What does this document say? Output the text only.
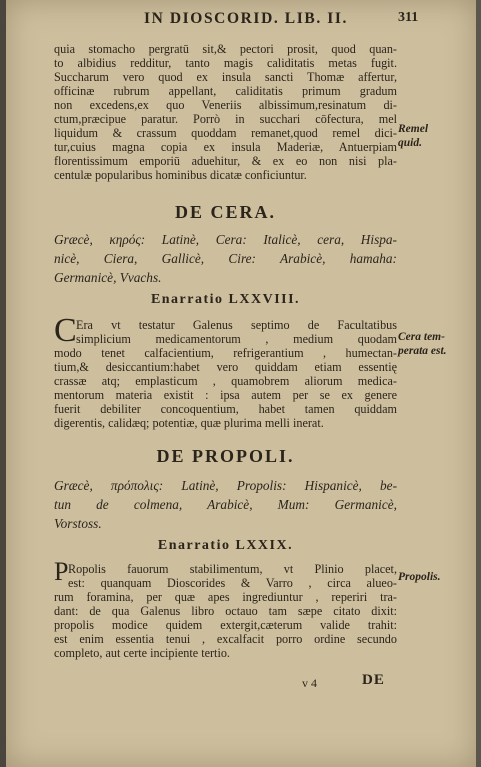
IN DIOSCORID. LIB. II.	311
quia stomacho pergratū sit,& pectori prosit, quod quan-
to albidius redditur, tanto magis caliditatis metas fugit.
Succharum vero quod ex insula sancti Thomæ affertur,
officinæ rubrum appellant, caliditatis primum gradum
non excedens,ex quo Veneriis albissimum,resinatum di-
ctum,præcipue paratur. Porrò in succhari cōfectura, mel
liquidum & crassum quoddam remanet,quod remel dici-
tur,cuius magna copia ex insula Maderiæ, Antuerpiam
florentissimum emporiū aduehitur, & ex eo non nisi pla-
centulæ popularibus hominibus dicatæ conficiuntur.
DE CERA.
Græcè, κηρός: Latinè, Cera: Italicè, cera, Hispa-
nicè, Ciera, Gallicè, Cire: Arabicè, hamaha:
Germanicè, Vvachs.
Enarratio LXXVIII.
Era vt testatur Galenus septimo de Facultatibus
simplicium medicamentorum , medium quodam
modo tenet calfacientium, refrigerantium , humectan-
tium,& desiccantium:habet vero quiddam etiam essentię
crassæ atq; emplasticum , quamobrem aliorum medica-
mentorum materia existit : ipsa autem per se ex genere
fuerit debiliter concoquentium, habet tamen quiddam
digerentis, calidæq; potentiæ, quæ plurima melli inerat.
C
DE PROPOLI.
Græcè, πρόπολις: Latinè, Propolis: Hispanicè, be-
tun de colmena, Arabicè, Mum: Germanicè,
Vorstoss.
Enarratio LXXIX.
Ropolis fauorum stabilimentum, vt Plinio placet,
est: quanquam Dioscorides & Varro , circa alueo-
rum foramina, per quæ apes ingrediuntur , reperiri tra-
dant: de qua Galenus libro octauo tam sæpe citato dixit:
propolis modice quidem extergit,cæterum valide trahit:
est enim essentia tenui , excalfacit porro ordine secundo
completo, aut certe incipiente tertio.
P
Remel
quid.
Cera tem-
perata est.
Propolis.
v 4	DE
